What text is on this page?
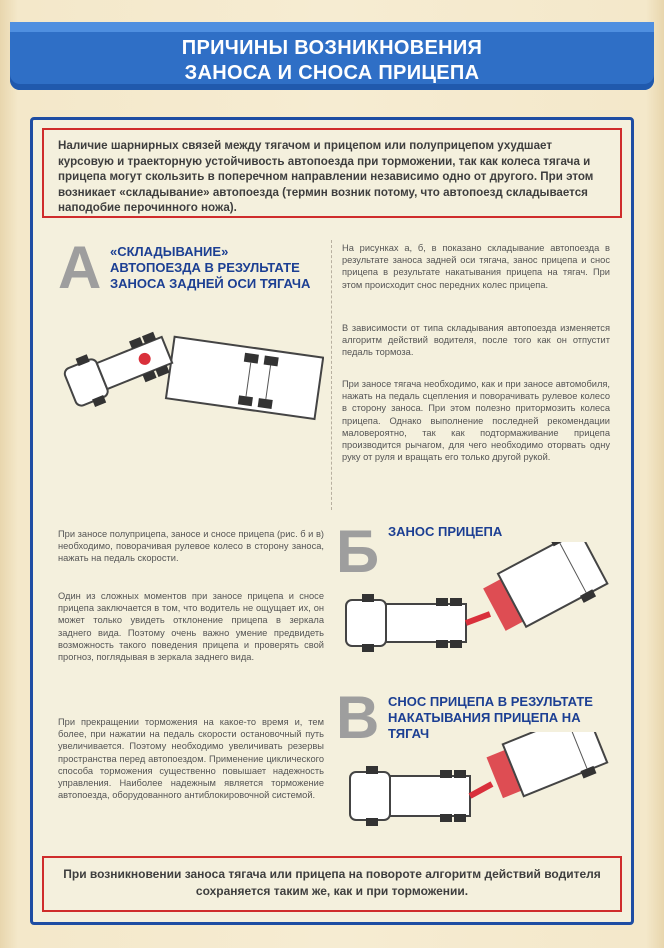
ПРИЧИНЫ ВОЗНИКНОВЕНИЯ
ЗАНОСА И СНОСА ПРИЦЕПА
Наличие шарнирных связей между тягачом и прицепом или полуприцепом ухудшает курсовую и траекторную устойчивость автопоезда при торможении, так как колеса тягача и прицепа могут скользить в поперечном направлении независимо одно от другого. При этом возникает «складывание» автопоезда (термин возник потому, что автопоезд складывается наподобие перочинного ножа).
А «СКЛАДЫВАНИЕ» АВТОПОЕЗДА В РЕЗУЛЬТАТЕ ЗАНОСА ЗАДНЕЙ ОСИ ТЯГАЧА
На рисунках а, б, в показано складывание автопоезда в результате заноса задней оси тягача, занос прицепа и снос прицепа в результате накатывания прицепа на тягач. При этом происходит снос передних колес прицепа.
В зависимости от типа складывания автопоезда изменяется алгоритм действий водителя, после того как он отпустит педаль тормоза.
При заносе тягача необходимо, как и при заносе автомобиля, нажать на педаль сцепления и поворачивать рулевое колесо в сторону заноса. При этом полезно притормозить колеса прицепа. Однако выполнение последней рекомендации маловероятно, так как подтормаживание прицепа производится рычагом, для чего необходимо оторвать одну руку от руля и вращать его только другой рукой.
При заносе полуприцепа, заносе и сносе прицепа (рис. б и в) необходимо, поворачивая рулевое колесо в сторону заноса, нажать на педаль скорости.
Один из сложных моментов при заносе прицепа и сносе прицепа заключается в том, что водитель не ощущает их, он может только увидеть отклонение прицепа в зеркала заднего вида. Поэтому очень важно умение предвидеть возможность такого поведения прицепа и проверять свой прогноз, поглядывая в зеркала заднего вида.
При прекращении торможения на какое-то время и, тем более, при нажатии на педаль скорости остановочный путь увеличивается. Поэтому необходимо увеличивать резервы пространства перед автопоездом. Применение циклического способа торможения существенно повышает надежность управления. Наиболее надежным является торможение автопоезда, оборудованного антиблокировочной системой.
Б ЗАНОС ПРИЦЕПА
В СНОС ПРИЦЕПА В РЕЗУЛЬТАТЕ НАКАТЫВАНИЯ ПРИЦЕПА НА ТЯГАЧ
При возникновении заноса тягача или прицепа на повороте алгоритм действий водителя сохраняется таким же, как и при торможении.
